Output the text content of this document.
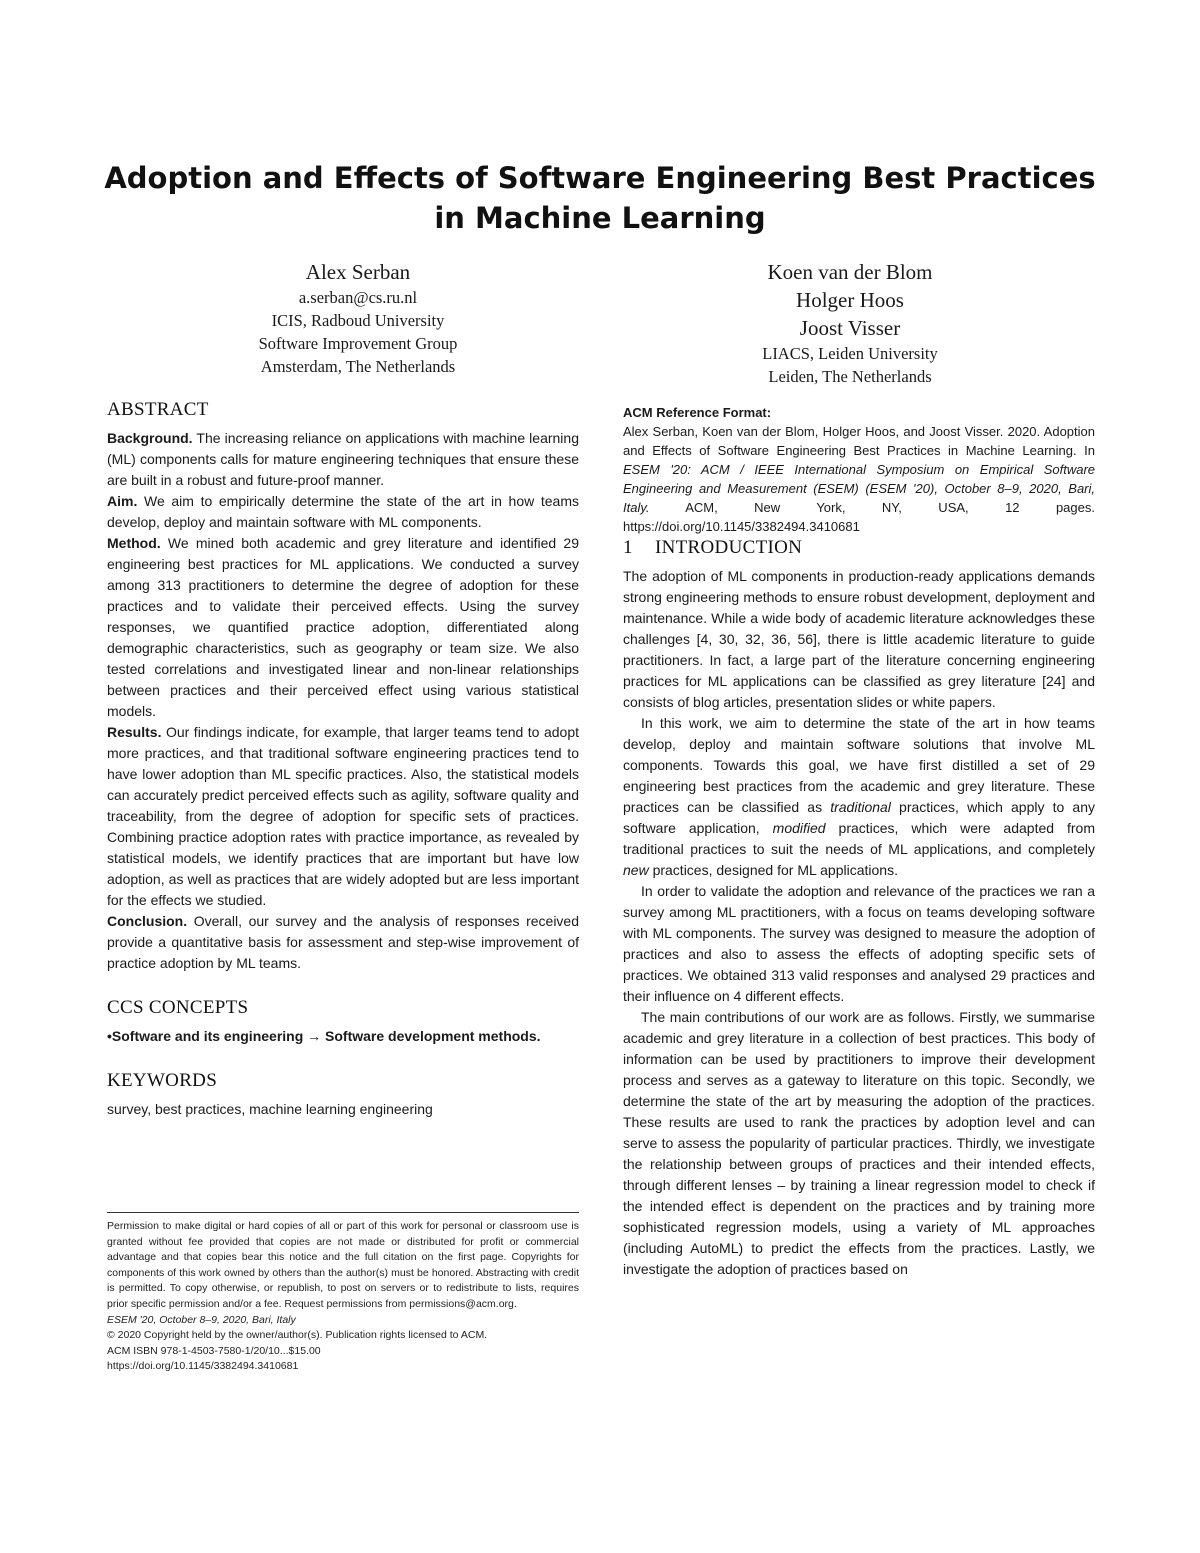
Adoption and Effects of Software Engineering Best Practices
in Machine Learning
Alex Serban
a.serban@cs.ru.nl
ICIS, Radboud University
Software Improvement Group
Amsterdam, The Netherlands
Koen van der Blom
Holger Hoos
Joost Visser
LIACS, Leiden University
Leiden, The Netherlands
ABSTRACT

Background. The increasing reliance on applications with machine learning (ML) components calls for mature engineering techniques that ensure these are built in a robust and future-proof manner.

Aim. We aim to empirically determine the state of the art in how teams develop, deploy and maintain software with ML components.

Method. We mined both academic and grey literature and identified 29 engineering best practices for ML applications. We conducted a survey among 313 practitioners to determine the degree of adoption for these practices and to validate their perceived effects. Using the survey responses, we quantified practice adoption, differentiated along demographic characteristics, such as geography or team size. We also tested correlations and investigated linear and non-linear relationships between practices and their perceived effect using various statistical models.

Results. Our findings indicate, for example, that larger teams tend to adopt more practices, and that traditional software engineering practices tend to have lower adoption than ML specific practices. Also, the statistical models can accurately predict perceived effects such as agility, software quality and traceability, from the degree of adoption for specific sets of practices. Combining practice adoption rates with practice importance, as revealed by statistical models, we identify practices that are important but have low adoption, as well as practices that are widely adopted but are less important for the effects we studied.

Conclusion. Overall, our survey and the analysis of responses received provide a quantitative basis for assessment and step-wise improvement of practice adoption by ML teams.

CCS CONCEPTS

•Software and its engineering → Software development methods.

KEYWORDS

survey, best practices, machine learning engineering

Permission to make digital or hard copies of all or part of this work for personal or classroom use is granted without fee provided that copies are not made or distributed for profit or commercial advantage and that copies bear this notice and the full citation on the first page. Copyrights for components of this work owned by others than the author(s) must be honored. Abstracting with credit is permitted. To copy otherwise, or republish, to post on servers or to redistribute to lists, requires prior specific permission and/or a fee. Request permissions from permissions@acm.org.

ESEM '20, October 8–9, 2020, Bari, Italy
© 2020 Copyright held by the owner/author(s). Publication rights licensed to ACM.
ACM ISBN 978-1-4503-7580-1/20/10...$15.00
https://doi.org/10.1145/3382494.3410681
ACM Reference Format:

Alex Serban, Koen van der Blom, Holger Hoos, and Joost Visser. 2020. Adoption and Effects of Software Engineering Best Practices in Machine Learning. In ESEM '20: ACM / IEEE International Symposium on Empirical Software Engineering and Measurement (ESEM) (ESEM '20), October 8–9, 2020, Bari, Italy. ACM, New York, NY, USA, 12 pages. https://doi.org/10.1145/3382494.3410681

1 INTRODUCTION

The adoption of ML components in production-ready applications demands strong engineering methods to ensure robust development, deployment and maintenance. While a wide body of academic literature acknowledges these challenges [4, 30, 32, 36, 56], there is little academic literature to guide practitioners. In fact, a large part of the literature concerning engineering practices for ML applications can be classified as grey literature [24] and consists of blog articles, presentation slides or white papers.

In this work, we aim to determine the state of the art in how teams develop, deploy and maintain software solutions that involve ML components. Towards this goal, we have first distilled a set of 29 engineering best practices from the academic and grey literature. These practices can be classified as traditional practices, which apply to any software application, modified practices, which were adapted from traditional practices to suit the needs of ML applications, and completely new practices, designed for ML applications.

In order to validate the adoption and relevance of the practices we ran a survey among ML practitioners, with a focus on teams developing software with ML components. The survey was designed to measure the adoption of practices and also to assess the effects of adopting specific sets of practices. We obtained 313 valid responses and analysed 29 practices and their influence on 4 different effects.

The main contributions of our work are as follows. Firstly, we summarise academic and grey literature in a collection of best practices. This body of information can be used by practitioners to improve their development process and serves as a gateway to literature on this topic. Secondly, we determine the state of the art by measuring the adoption of the practices. These results are used to rank the practices by adoption level and can serve to assess the popularity of particular practices. Thirdly, we investigate the relationship between groups of practices and their intended effects, through different lenses – by training a linear regression model to check if the intended effect is dependent on the practices and by training more sophisticated regression models, using a variety of ML approaches (including AutoML) to predict the effects from the practices. Lastly, we investigate the adoption of practices based on
